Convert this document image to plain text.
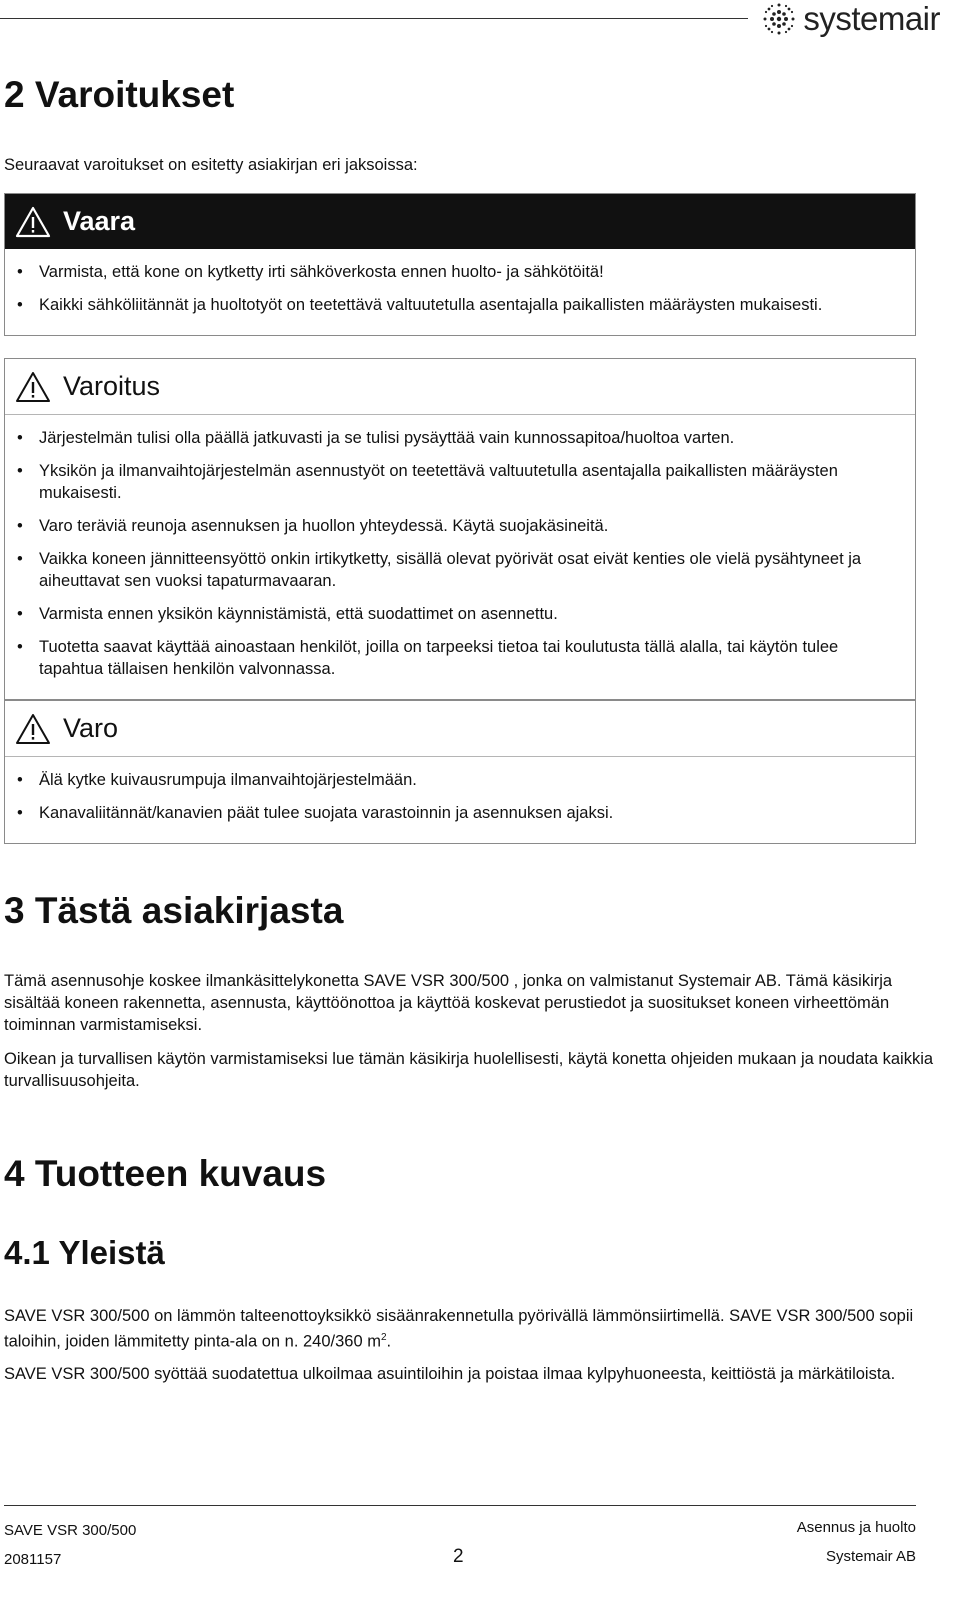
systemair
2 Varoitukset

Seuraavat varoitukset on esitetty asiakirjan eri jaksoissa:

Vaara
• Varmista, että kone on kytketty irti sähköverkosta ennen huolto- ja sähkötöitä!
• Kaikki sähköliitännät ja huoltotyöt on teetettävä valtuutetulla asentajalla paikallisten määräysten mukaisesti.
Varoitus
• Järjestelmän tulisi olla päällä jatkuvasti ja se tulisi pysäyttää vain kunnossapitoa/huoltoa varten.
• Yksikön ja ilmanvaihtojärjestelmän asennustyöt on teetettävä valtuutetulla asentajalla paikallisten määräysten mukaisesti.
• Varo teräviä reunoja asennuksen ja huollon yhteydessä. Käytä suojakäsineitä.
• Vaikka koneen jännitteensyöttö onkin irtikytketty, sisällä olevat pyörivät osat eivät kenties ole vielä pysähtyneet ja aiheuttavat sen vuoksi tapaturmavaaran.
• Varmista ennen yksikön käynnistämistä, että suodattimet on asennettu.
• Tuotetta saavat käyttää ainoastaan henkilöt, joilla on tarpeeksi tietoa tai koulutusta tällä alalla, tai käytön tulee tapahtua tällaisen henkilön valvonnassa.
Varo
• Älä kytke kuivausrumpuja ilmanvaihtojärjestelmään.
• Kanavaliitännät/kanavien päät tulee suojata varastoinnin ja asennuksen ajaksi.
3 Tästä asiakirjasta

Tämä asennusohje koskee ilmankäsittelykonetta SAVE VSR 300/500 , jonka on valmistanut Systemair AB. Tämä käsikirja sisältää koneen rakennetta, asennusta, käyttöönottoa ja käyttöä koskevat perustiedot ja suositukset koneen virheettömän toiminnan varmistamiseksi.

Oikean ja turvallisen käytön varmistamiseksi lue tämän käsikirja huolellisesti, käytä konetta ohjeiden mukaan ja noudata kaikkia turvallisuusohjeita.

4 Tuotteen kuvaus
4.1 Yleistä

SAVE VSR 300/500 on lämmön talteenottoyksikkö sisäänrakennetulla pyörivällä lämmönsiirtimellä. SAVE VSR 300/500 sopii taloihin, joiden lämmitetty pinta-ala on n. 240/360 $m^2$.

SAVE VSR 300/500 syöttää suodatettua ulkoilmaa asuintiloihin ja poistaa ilmaa kylpyhuoneesta, keittiöstä ja märkätiloista.

SAVE VSR 300/500
2081157	2
Asennus ja huolto
Systemair AB
